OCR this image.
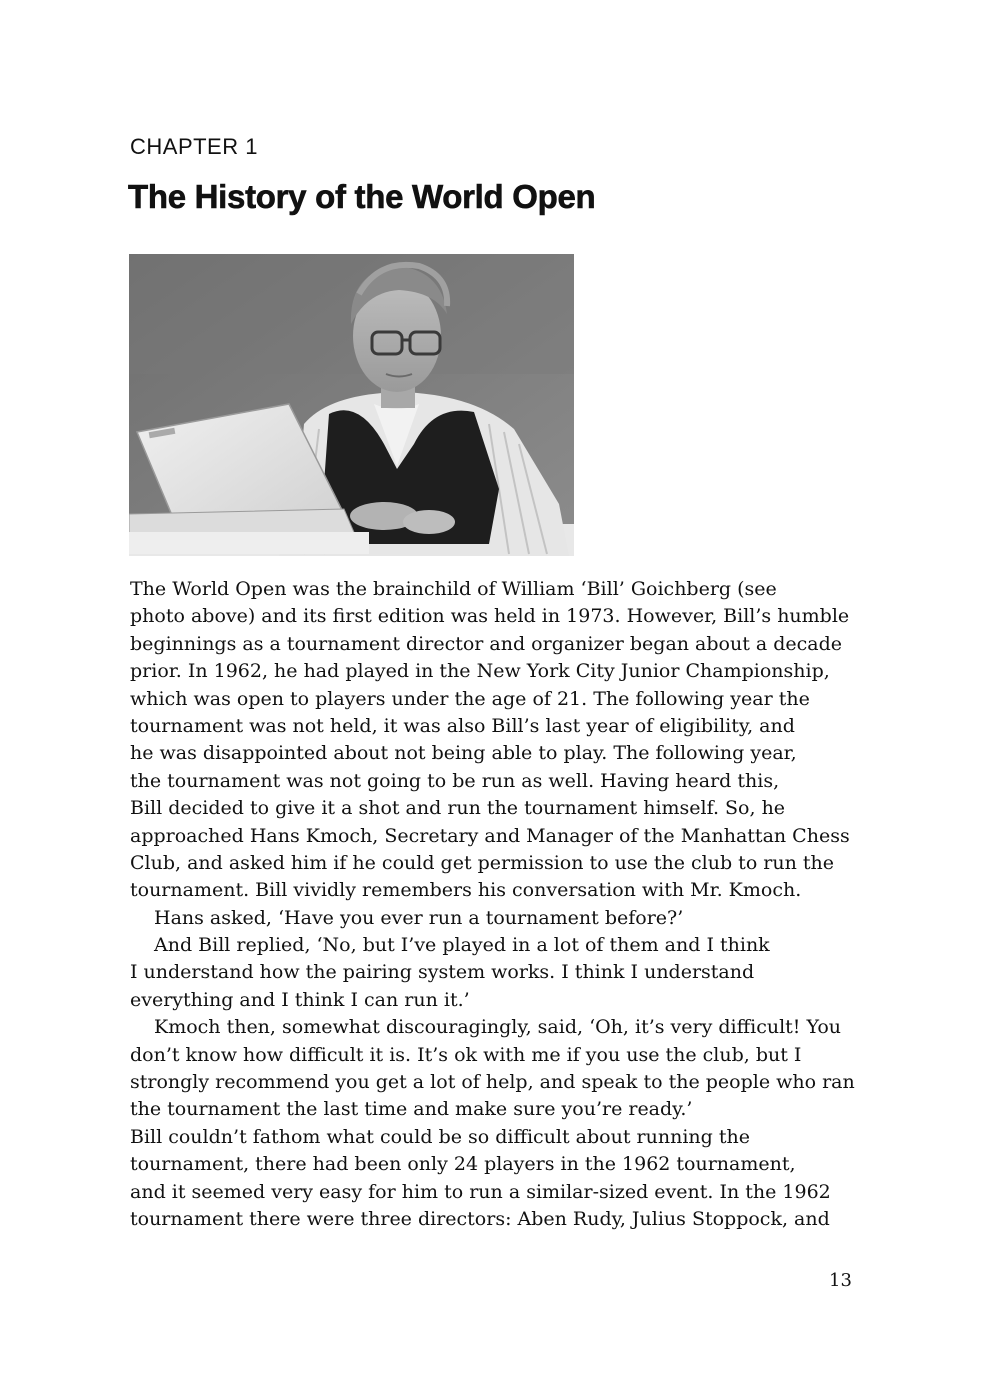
CHAPTER 1
The History of the World Open
The World Open was the brainchild of William ‘Bill’ Goichberg (see
photo above) and its first edition was held in 1973. However, Bill’s humble
beginnings as a tournament director and organizer began about a decade
prior. In 1962, he had played in the New York City Junior Championship,
which was open to players under the age of 21. The following year the
tournament was not held, it was also Bill’s last year of eligibility, and
he was disappointed about not being able to play. The following year,
the tournament was not going to be run as well. Having heard this,
Bill decided to give it a shot and run the tournament himself. So, he
approached Hans Kmoch, Secretary and Manager of the Manhattan Chess
Club, and asked him if he could get permission to use the club to run the
tournament. Bill vividly remembers his conversation with Mr. Kmoch.
Hans asked, ‘Have you ever run a tournament before?’
And Bill replied, ‘No, but I’ve played in a lot of them and I think
I understand how the pairing system works. I think I understand
everything and I think I can run it.’
Kmoch then, somewhat discouragingly, said, ‘Oh, it’s very difficult! You
don’t know how difficult it is. It’s ok with me if you use the club, but I
strongly recommend you get a lot of help, and speak to the people who ran
the tournament the last time and make sure you’re ready.’
Bill couldn’t fathom what could be so difficult about running the
tournament, there had been only 24 players in the 1962 tournament,
and it seemed very easy for him to run a similar-sized event. In the 1962
tournament there were three directors: Aben Rudy, Julius Stoppock, and
13
